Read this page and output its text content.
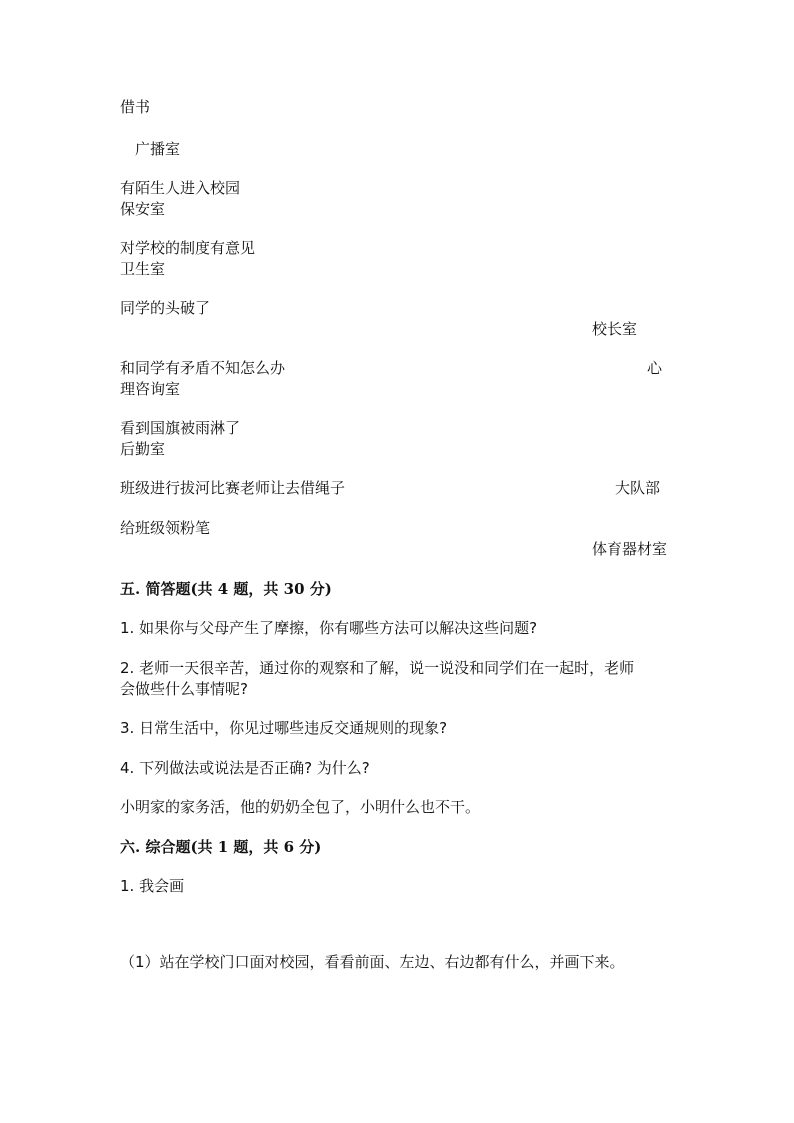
借书
广播室
有陌生人进入校园
保安室
对学校的制度有意见
卫生室
同学的头破了
校长室
和同学有矛盾不知怎么办	心
理咨询室
看到国旗被雨淋了
后勤室
班级进行拔河比赛老师让去借绳子	大队部
给班级领粉笔
体育器材室
五. 简答题(共 4 题，共 30 分)
1. 如果你与父母产生了摩擦，你有哪些方法可以解决这些问题?
2. 老师一天很辛苦，通过你的观察和了解，说一说没和同学们在一起时，老师
会做些什么事情呢?
3. 日常生活中，你见过哪些违反交通规则的现象?
4. 下列做法或说法是否正确? 为什么?
小明家的家务活，他的奶奶全包了，小明什么也不干。
六. 综合题(共 1 题，共 6 分)
1. 我会画
（1）站在学校门口面对校园，看看前面、左边、右边都有什么，并画下来。
